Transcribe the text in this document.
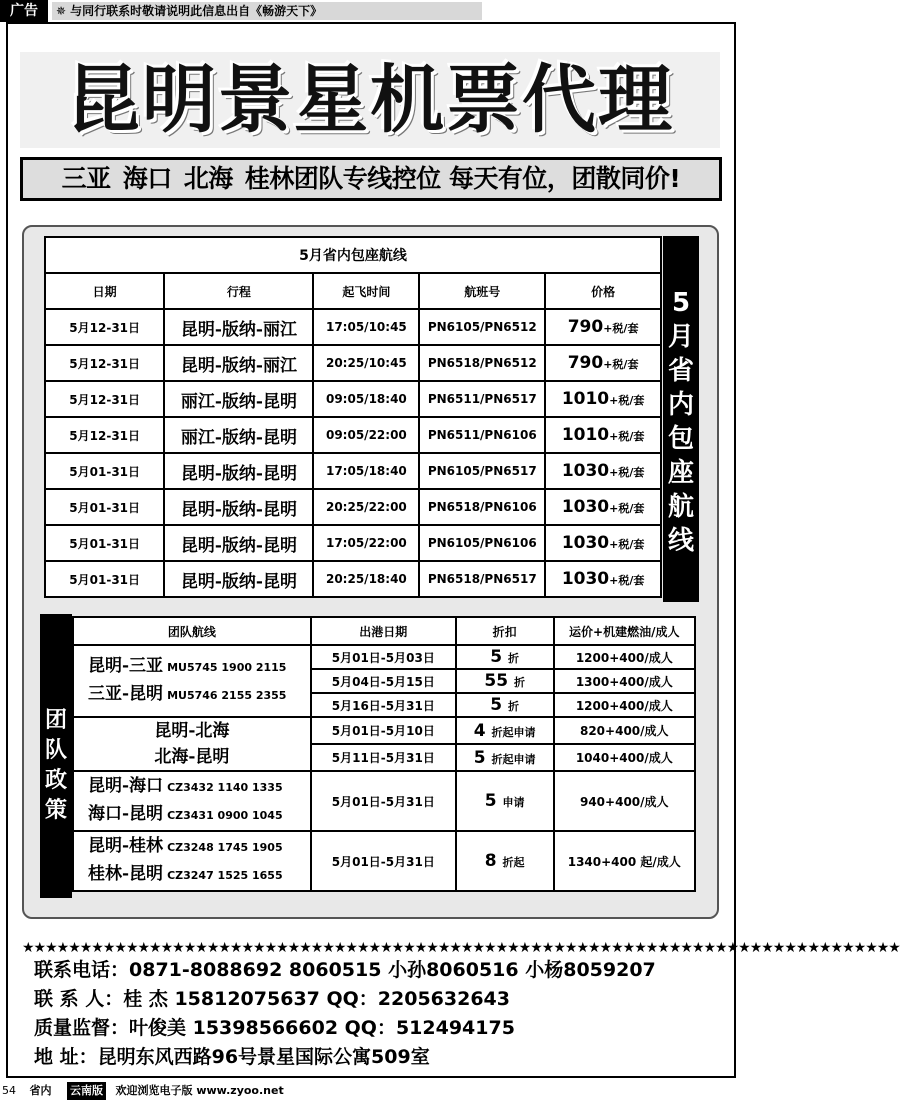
广告	✵ 与同行联系时敬请说明此信息出自《畅游天下》
昆明景星机票代理
三亚 海口 北海 桂林团队专线控位 每天有位，团散同价!
5月省内包座航线				
日期	行程	起飞时间	航班号	价格
5月12-31日	昆明-版纳-丽江	17:05/10:45	PN6105/PN6512	790+税/套
5月12-31日	昆明-版纳-丽江	20:25/10:45	PN6518/PN6512	790+税/套
5月12-31日	丽江-版纳-昆明	09:05/18:40	PN6511/PN6517	1010+税/套
5月12-31日	丽江-版纳-昆明	09:05/22:00	PN6511/PN6106	1010+税/套
5月01-31日	昆明-版纳-昆明	17:05/18:40	PN6105/PN6517	1030+税/套
5月01-31日	昆明-版纳-昆明	20:25/22:00	PN6518/PN6106	1030+税/套
5月01-31日	昆明-版纳-昆明	17:05/22:00	PN6105/PN6106	1030+税/套
5月01-31日	昆明-版纳-昆明	20:25/18:40	PN6518/PN6517	1030+税/套
5
月
省
内
包
座
航
线
团
队
政
策
团队航线	出港日期	折扣	运价+机建燃油/成人

昆明-三亚 MU5745 1900 2115
三亚-昆明 MU5746 2155 2355	5月01日-5月03日	5 折	1200+400/成人
	5月04日-5月15日	55 折	1300+400/成人
	5月16日-5月31日	5 折	1200+400/成人

昆明-北海
北海-昆明	5月01日-5月10日	4 折起申请	820+400/成人
	5月11日-5月31日	5 折起申请	1040+400/成人

昆明-海口 CZ3432 1140 1335
海口-昆明 CZ3431 0900 1045	5月01日-5月31日	5 申请	940+400/成人

昆明-桂林 CZ3248 1745 1905
桂林-昆明 CZ3247 1525 1655	5月01日-5月31日	8 折起	1340+400 起/成人
★★★★★★★★★★★★★★★★★★★★★★★★★★★★★★★★★★★★★★★★★★★★★★★★★★★★★★★★★★★★★★★★★★★★★★★★★★★★
联系电话：0871-8088692 8060515 小孙8060516 小杨8059207
联 系 人：桂 杰 15812075637 QQ：2205632643
质量监督：叶俊美 15398566602 QQ：512494175
地 址：昆明东风西路96号景星国际公寓509室
54 省内 云南版 欢迎浏览电子版 www.zyoo.net
